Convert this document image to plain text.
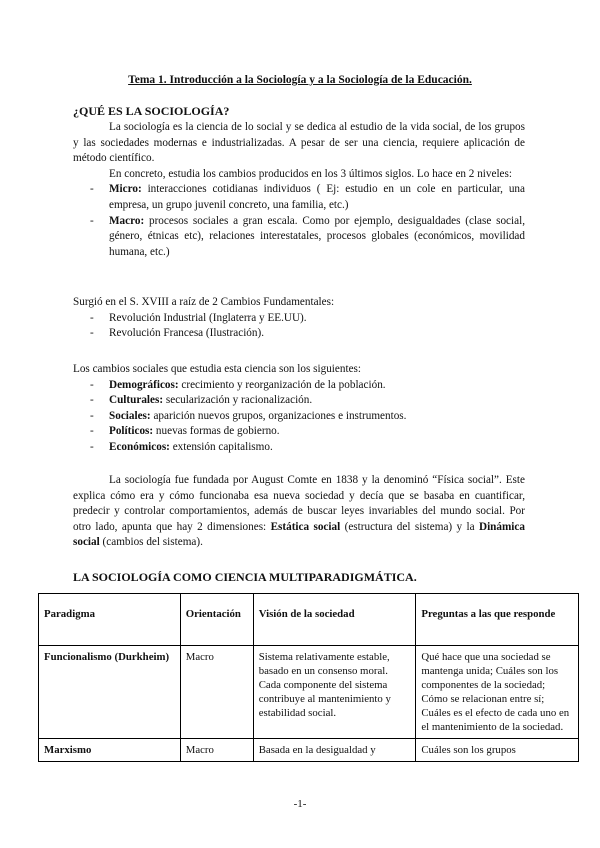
Tema 1. Introducción a la Sociología y a la Sociología de la Educación.
¿QUÉ ES LA SOCIOLOGÍA?

La sociología es la ciencia de lo social y se dedica al estudio de la vida social, de los grupos y las sociedades modernas e industrializadas. A pesar de ser una ciencia, requiere aplicación de método científico.

En concreto, estudia los cambios producidos en los 3 últimos siglos. Lo hace en 2 niveles:

- Micro: interacciones cotidianas individuos ( Ej: estudio en un cole en particular, una empresa, un grupo juvenil concreto, una familia, etc.)
- Macro: procesos sociales a gran escala. Como por ejemplo, desigualdades (clase social, género, étnicas etc), relaciones interestatales, procesos globales (económicos, movilidad humana, etc.)

Surgió en el S. XVIII a raíz de 2 Cambios Fundamentales:

- Revolución Industrial (Inglaterra y EE.UU).
- Revolución Francesa (Ilustración).

Los cambios sociales que estudia esta ciencia son los siguientes:

- Demográficos: crecimiento y reorganización de la población.
- Culturales: secularización y racionalización.
- Sociales: aparición nuevos grupos, organizaciones e instrumentos.
- Políticos: nuevas formas de gobierno.
- Económicos: extensión capitalismo.

La sociología fue fundada por August Comte en 1838 y la denominó “Física social”. Este explica cómo era y cómo funcionaba esa nueva sociedad y decía que se basaba en cuantificar, predecir y controlar comportamientos, además de buscar leyes invariables del mundo social. Por otro lado, apunta que hay 2 dimensiones: Estática social (estructura del sistema) y la Dinámica social (cambios del sistema).

LA SOCIOLOGÍA COMO CIENCIA MULTIPARADIGMÁTICA.
Paradigma	Orientación	Visión de la sociedad	Preguntas a las que responde
Funcionalismo (Durkheim)	Macro	Sistema relativamente estable, basado en un consenso moral. Cada componente del sistema contribuye al mantenimiento y estabilidad social.	Qué hace que una sociedad se mantenga unida; Cuáles son los componentes de la sociedad; Cómo se relacionan entre sí; Cuáles es el efecto de cada uno en el mantenimiento de la sociedad.
Marxismo	Macro	Basada en la desigualdad y	Cuáles son los grupos
-1-
